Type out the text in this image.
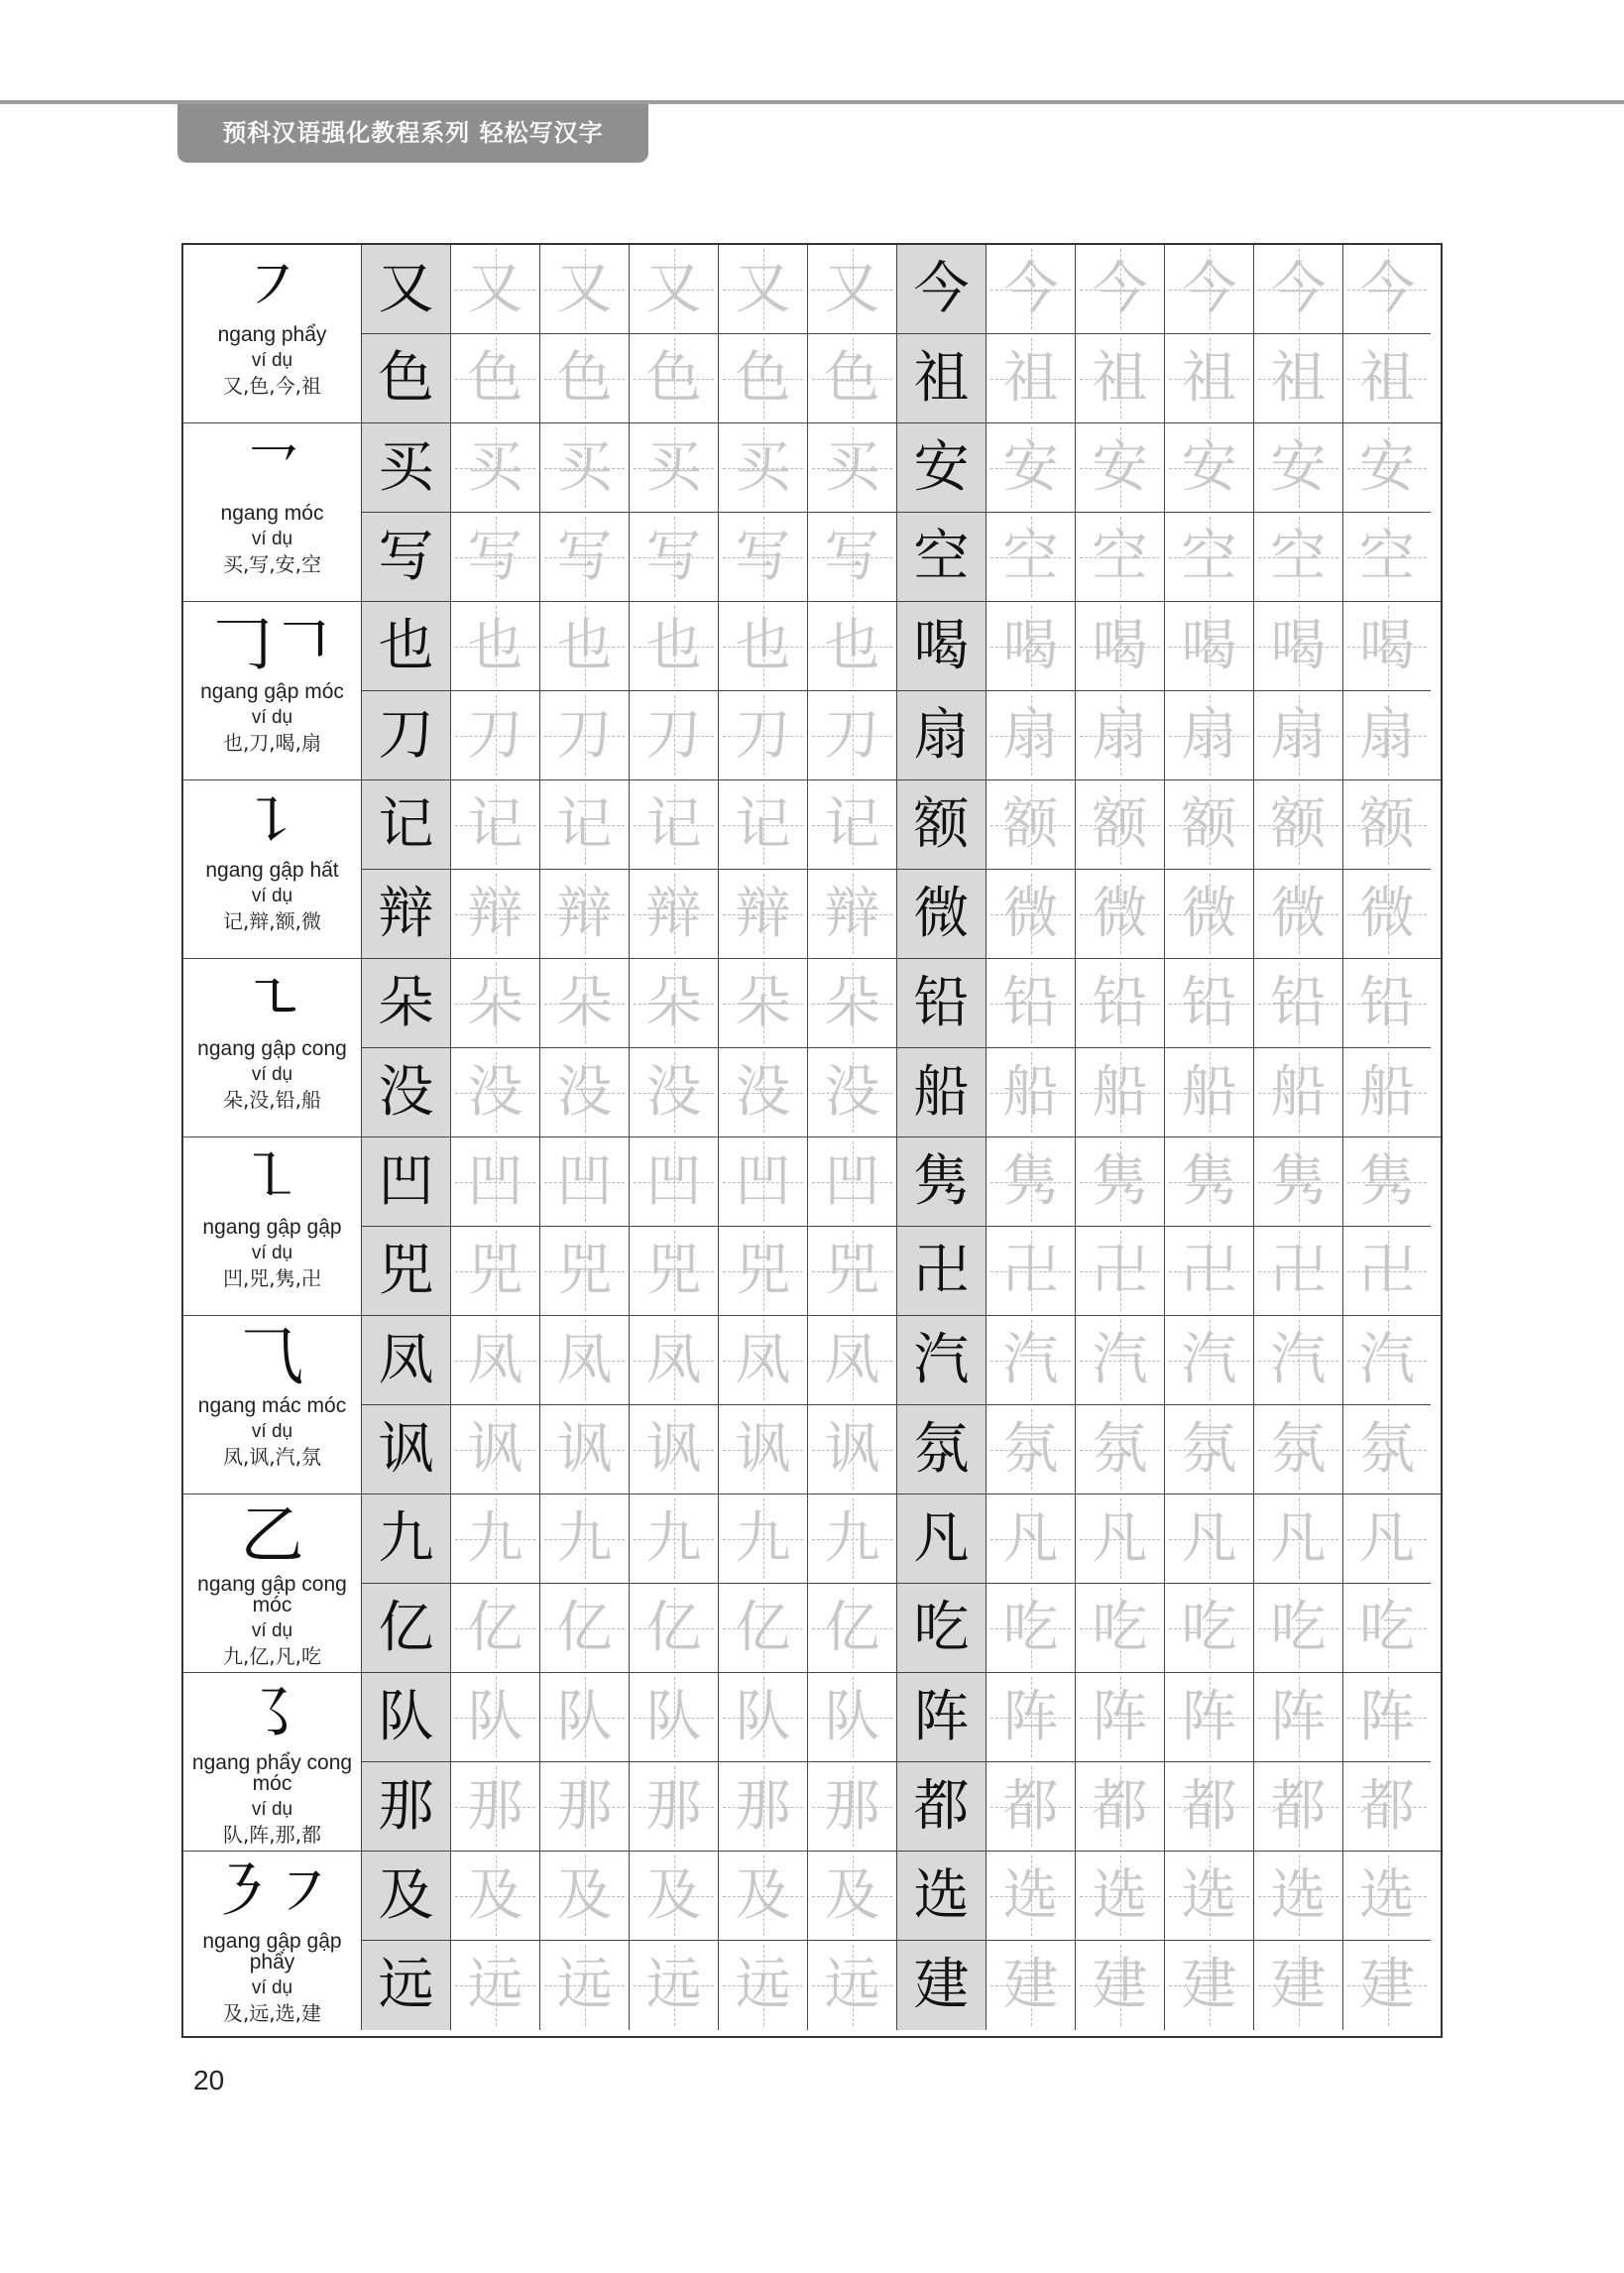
预科汉语强化教程系列 轻松写汉字
㇇
ngang phẩy
ví dụ
又,色,今,祖
又 又 又 又 又 又 今 今 今 今 今 今
色 色 色 色 色 色 祖 祖 祖 祖 祖 祖
㇖
ngang móc
ví dụ
买,写,安,空
买 买 买 买 买 买 安 安 安 安 安 安
写 写 写 写 写 写 空 空 空 空 空 空
𠃌𠃍
ngang gập móc
ví dụ
也,刀,喝,扇
也 也 也 也 也 也 喝 喝 喝 喝 喝 喝
刀 刀 刀 刀 刀 刀 扇 扇 扇 扇 扇 扇
㇊
ngang gập hất
ví dụ
记,辩,额,微
记 记 记 记 记 记 额 额 额 额 额 额
辩 辩 辩 辩 辩 辩 微 微 微 微 微 微
㇍
ngang gập cong
ví dụ
朵,没,铅,船
朵 朵 朵 朵 朵 朵 铅 铅 铅 铅 铅 铅
没 没 没 没 没 没 船 船 船 船 船 船
㇅
ngang gập gập
ví dụ
凹,兕,隽,卍
凹 凹 凹 凹 凹 凹 隽 隽 隽 隽 隽 隽
兕 兕 兕 兕 兕 兕 卍 卍 卍 卍 卍 卍
⺄
ngang mác móc
ví dụ
凤,讽,汽,氛
凤 凤 凤 凤 凤 凤 汽 汽 汽 汽 汽 汽
讽 讽 讽 讽 讽 讽 氛 氛 氛 氛 氛 氛
乙
ngang gập cong móc
ví dụ
九,亿,凡,吃
九 九 九 九 九 九 凡 凡 凡 凡 凡 凡
亿 亿 亿 亿 亿 亿 吃 吃 吃 吃 吃 吃
㇌
ngang phẩy cong móc
ví dụ
队,阵,那,都
队 队 队 队 队 队 阵 阵 阵 阵 阵 阵
那 那 那 那 那 那 都 都 都 都 都 都
㇋㇇
ngang gập gập phẩy
ví dụ
及,远,选,建
及 及 及 及 及 及 选 选 选 选 选 选
远 远 远 远 远 远 建 建 建 建 建 建
20
